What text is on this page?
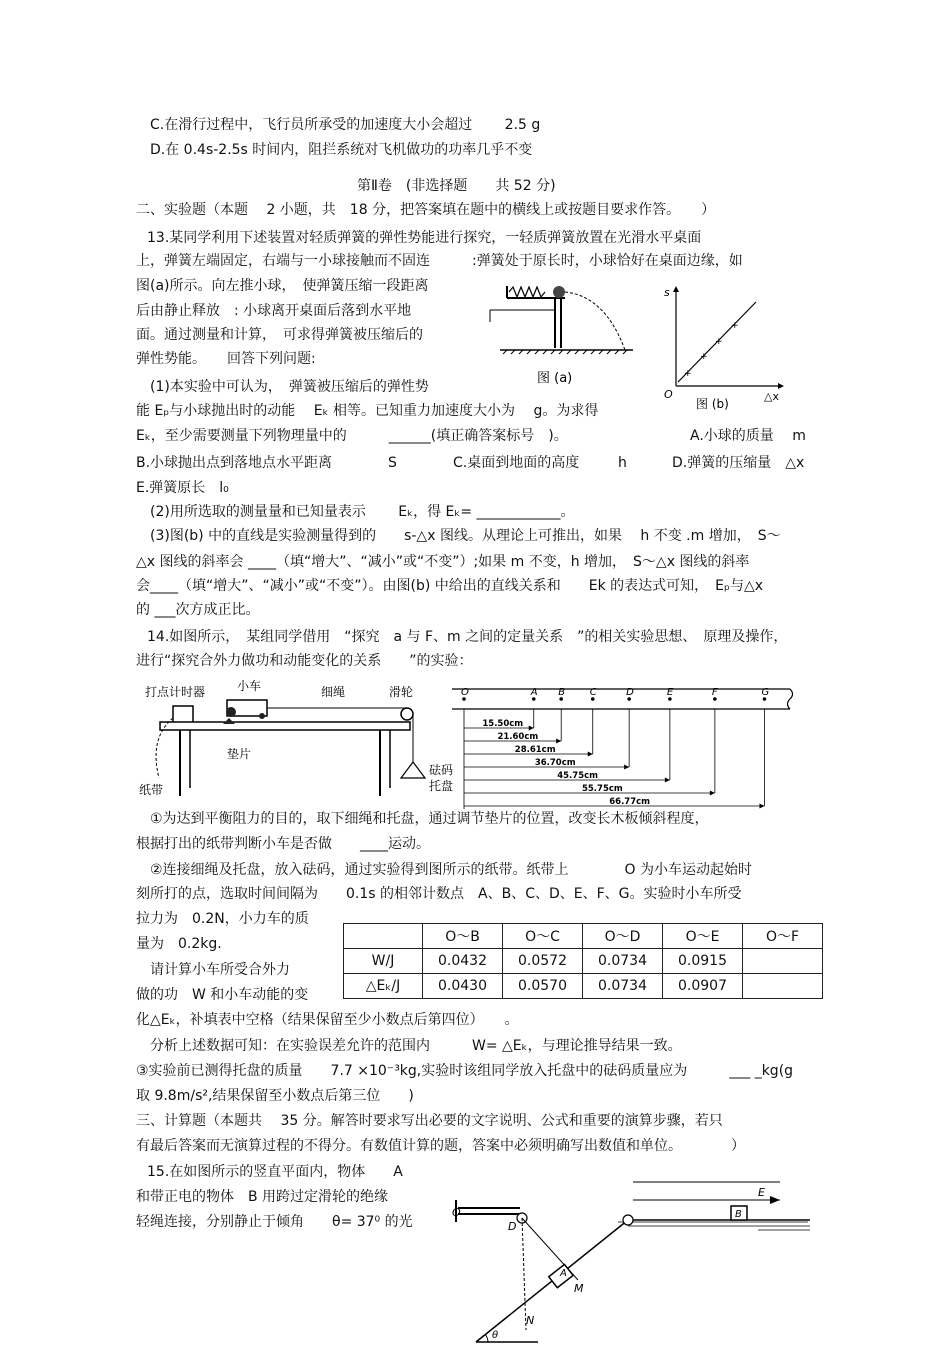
C.在滑行过程中，飞行员所承受的加速度大小会超过　　 2.5 g
D.在 0.4s-2.5s 时间内，阻拦系统对飞机做功的功率几乎不变
第Ⅱ卷　(非选择题　　共 52 分)
二、实验题（本题　 2 小题，共　18 分，把答案填在题中的横线上或按题目要求作答。　　）
13.某同学利用下述装置对轻质弹簧的弹性势能进行探究，一轻质弹簧放置在光滑水平桌面
上，弹簧左端固定，右端与一小球接触而不固连　　　:弹簧处于原长时，小球恰好在桌面边缘，如
图(a)所示。向左推小球，　使弹簧压缩一段距离
后由静止释放　: 小球离开桌面后落到水平地
面。通过测量和计算，　可求得弹簧被压缩后的
弹性势能。　　回答下列问题:
(1)本实验中可认为，　弹簧被压缩后的弹性势
能 Eₚ与小球抛出时的动能　 Eₖ 相等。已知重力加速度大小为　 g。为求得
Eₖ，至少需要测量下列物理量中的　　　______(填正确答案标号　)。	A.小球的质量　 m
B.小球抛出点到落地点水平距离	S	C.桌面到地面的高度	h	D.弹簧的压缩量　△x
E.弹簧原长　l₀
(2)用所选取的测量量和已知量表示　　 Eₖ，得 Eₖ= ____________。
(3)图(b) 中的直线是实验测量得到的　　s-△x 图线。从理论上可推出，如果　 h 不变 .m 增加，　S～
△x 图线的斜率会 ____（填“增大”、“减小”或“不变”）;如果 m 不变，h 增加，　S～△x 图线的斜率
会____（填“增大”、“减小”或“不变”）。由图(b) 中给出的直线关系和　　Ek 的表达式可知，　Eₚ与△x
的 ___次方成正比。
14.如图所示，　某组同学借用　“探究　a 与 F、m 之间的定量关系　”的相关实验思想、　原理及操作，
进行“探究合外力做功和动能变化的关系　　”的实验：
①为达到平衡阻力的目的，取下细绳和托盘，通过调节垫片的位置，改变长木板倾斜程度，
根据打出的纸带判断小车是否做　　____运动。
②连接细绳及托盘，放入砝码，通过实验得到图所示的纸带。纸带上　　　　O 为小车运动起始时
刻所打的点，选取时间间隔为　　0.1s 的相邻计数点　A、B、C、D、E、F、G。实验时小车所受
拉力为　0.2N，小力车的质
量为　0.2kg.
请计算小车所受合外力
做的功　W 和小车动能的变
化△Eₖ，补填表中空格（结果保留至少小数点后第四位）　　。
分析上述数据可知：在实验误差允许的范围内　　　W= △Eₖ，与理论推导结果一致。
③实验前已测得托盘的质量　　7.7 ×10⁻³kg,实验时该组同学放入托盘中的砝码质量应为　　　___ _kg(g
取 9.8m/s²,结果保留至小数点后第三位　　)
三、计算题（本题共　 35 分。解答时要求写出必要的文字说明、公式和重要的演算步骤，若只
有最后答案而无演算过程的不得分。有数值计算的题，答案中必须明确写出数值和单位。　　　　）
15.在如图所示的竖直平面内，物体　　A
和带正电的物体　B 用跨过定滑轮的绝缘
轻绳连接，分别静止于倾角　　θ= 37⁰ 的光
	O～B	O～C	O～D	O～E	O～F
W/J	0.0432	0.0572	0.0734	0.0915	
△Eₖ/J	0.0430	0.0570	0.0734	0.0907	
图 (a)	+
+
+
+
s
O	△x
图 (b)
打点计时器	小车	细绳	滑轮
垫片
纸带
砝码
托盘
O	A B C	D	E	F	G
15.50cm
21.60cm
28.61cm
36.70cm
45.75cm
55.75cm
66.77cm
O
D
E
B
A
M
N
θ
